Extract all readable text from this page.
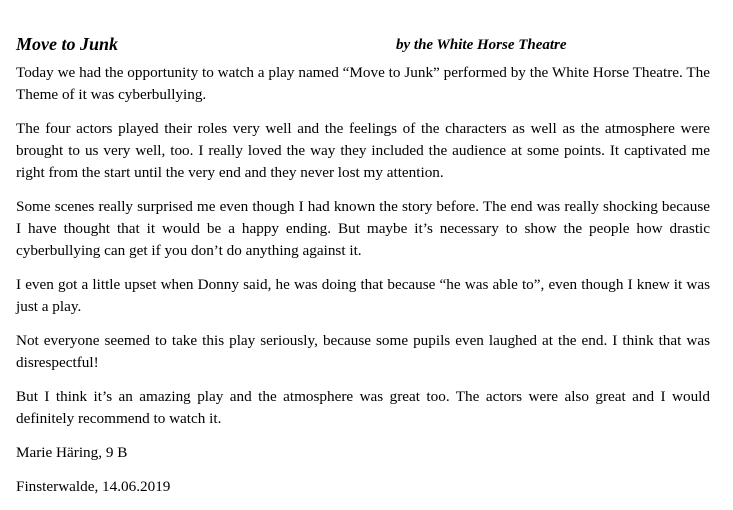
Move to Junk	by the White Horse Theatre

Today we had the opportunity to watch a play named “Move to Junk” performed by the White Horse Theatre. The Theme of it was cyberbullying.

The four actors played their roles very well and the feelings of the characters as well as the atmosphere were brought to us very well, too. I really loved the way they included the audience at some points. It captivated me right from the start until the very end and they never lost my attention.

Some scenes really surprised me even though I had known the story before. The end was really shocking because I have thought that it would be a happy ending. But maybe it’s necessary to show the people how drastic cyberbullying can get if you don’t do anything against it.

I even got a little upset when Donny said, he was doing that because “he was able to”, even though I knew it was just a play.

Not everyone seemed to take this play seriously, because some pupils even laughed at the end. I think that was disrespectful!

But I think it’s an amazing play and the atmosphere was great too. The actors were also great and I would definitely recommend to watch it.

Marie Häring, 9 B

Finsterwalde, 14.06.2019
